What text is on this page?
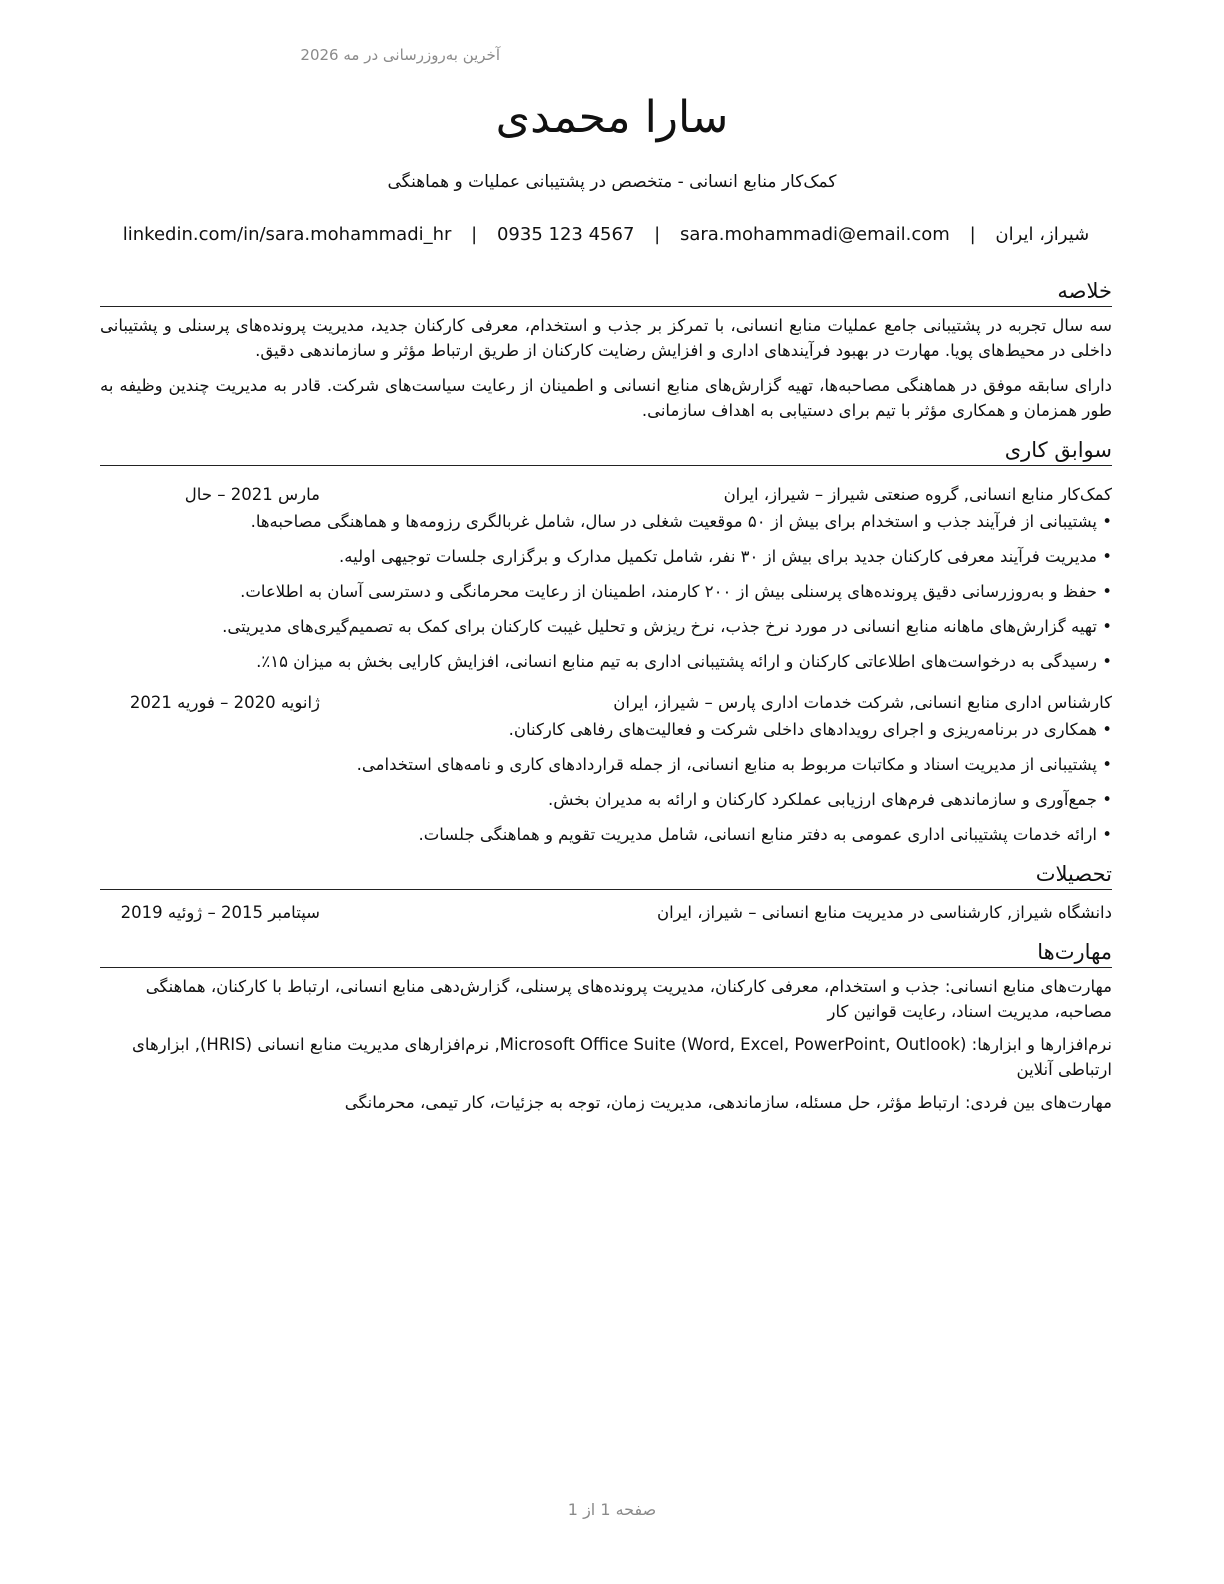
آخرین به‌روزرسانی در مه 2026
سارا محمدی
کمک‌کار منابع انسانی - متخصص در پشتیبانی عملیات و هماهنگی
شیراز، ایران | sara.mohammadi@email.com | 0935 123 4567 | linkedin.com/in/sara.mohammadi_hr
خلاصه

سه سال تجربه در پشتیبانی جامع عملیات منابع انسانی، با تمرکز بر جذب و استخدام، معرفی کارکنان جدید، مدیریت پرونده‌های پرسنلی و پشتیبانی داخلی در محیط‌های پویا. مهارت در بهبود فرآیندهای اداری و افزایش رضایت کارکنان از طریق ارتباط مؤثر و سازماندهی دقیق.

دارای سابقه موفق در هماهنگی مصاحبه‌ها، تهیه گزارش‌های منابع انسانی و اطمینان از رعایت سیاست‌های شرکت. قادر به مدیریت چندین وظیفه به طور همزمان و همکاری مؤثر با تیم برای دستیابی به اهداف سازمانی.

سوابق کاری
کمک‌کار منابع انسانی, گروه صنعتی شیراز – شیراز، ایران
مارس 2021 – حال
• پشتیبانی از فرآیند جذب و استخدام برای بیش از ۵۰ موقعیت شغلی در سال، شامل غربالگری رزومه‌ها و هماهنگی مصاحبه‌ها.
• مدیریت فرآیند معرفی کارکنان جدید برای بیش از ۳۰ نفر، شامل تکمیل مدارک و برگزاری جلسات توجیهی اولیه.
• حفظ و به‌روزرسانی دقیق پرونده‌های پرسنلی بیش از ۲۰۰ کارمند، اطمینان از رعایت محرمانگی و دسترسی آسان به اطلاعات.
• تهیه گزارش‌های ماهانه منابع انسانی در مورد نرخ جذب، نرخ ریزش و تحلیل غیبت کارکنان برای کمک به تصمیم‌گیری‌های مدیریتی.
• رسیدگی به درخواست‌های اطلاعاتی کارکنان و ارائه پشتیبانی اداری به تیم منابع انسانی، افزایش کارایی بخش به میزان ۱۵٪.
کارشناس اداری منابع انسانی, شرکت خدمات اداری پارس – شیراز، ایران
ژانویه 2020 – فوریه 2021
• همکاری در برنامه‌ریزی و اجرای رویدادهای داخلی شرکت و فعالیت‌های رفاهی کارکنان.
• پشتیبانی از مدیریت اسناد و مکاتبات مربوط به منابع انسانی، از جمله قراردادهای کاری و نامه‌های استخدامی.
• جمع‌آوری و سازماندهی فرم‌های ارزیابی عملکرد کارکنان و ارائه به مدیران بخش.
• ارائه خدمات پشتیبانی اداری عمومی به دفتر منابع انسانی، شامل مدیریت تقویم و هماهنگی جلسات.
تحصیلات
دانشگاه شیراز, کارشناسی در مدیریت منابع انسانی – شیراز، ایران
سپتامبر 2015 – ژوئیه 2019
مهارت‌ها

مهارت‌های منابع انسانی: جذب و استخدام، معرفی کارکنان، مدیریت پرونده‌های پرسنلی، گزارش‌دهی منابع انسانی، ارتباط با کارکنان، هماهنگی مصاحبه، مدیریت اسناد، رعایت قوانین کار

نرم‌افزارها و ابزارها: Microsoft Office Suite (Word, Excel, PowerPoint, Outlook), نرم‌افزارهای مدیریت منابع انسانی (HRIS), ابزارهای ارتباطی آنلاین

مهارت‌های بین فردی: ارتباط مؤثر، حل مسئله، سازماندهی، مدیریت زمان، توجه به جزئیات، کار تیمی، محرمانگی

صفحه 1 از 1
